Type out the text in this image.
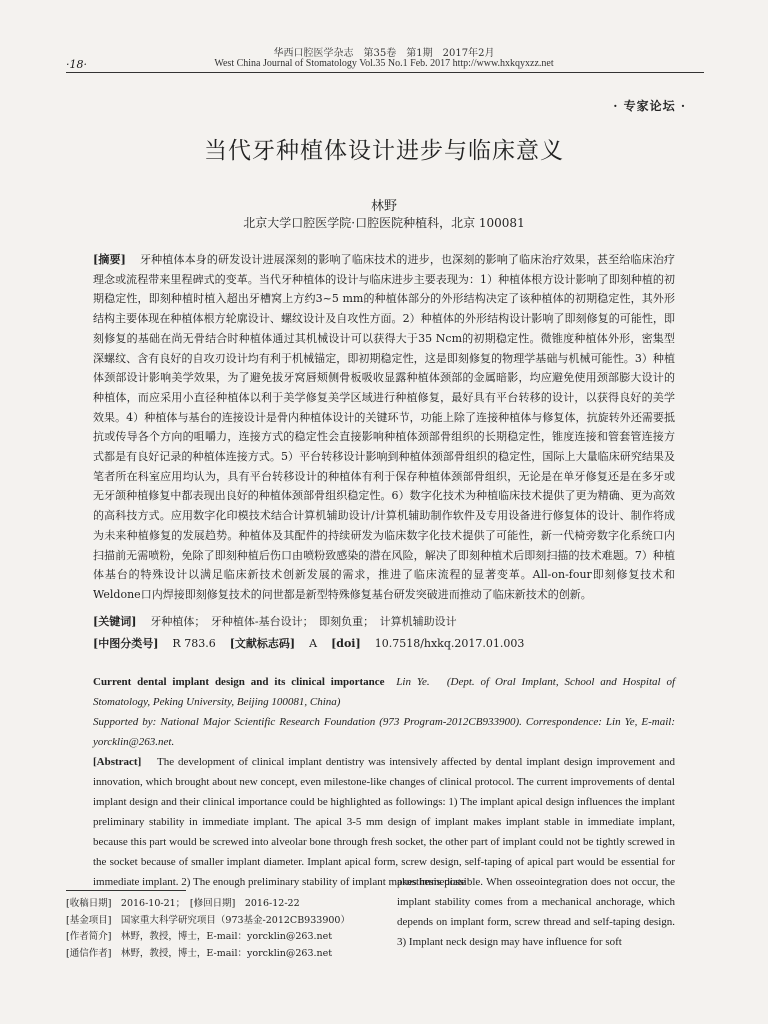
·18·
华西口腔医学杂志　第35卷　第1期　2017年2月
West China Journal of Stomatology Vol.35 No.1 Feb. 2017 http://www.hxkqyxzz.net
· 专家论坛 ·
当代牙种植体设计进步与临床意义
林野
北京大学口腔医学院·口腔医院种植科，北京 100081
[摘要] 牙种植体本身的研发设计进展深刻的影响了临床技术的进步，也深刻的影响了临床治疗效果，甚至给临床治疗理念或流程带来里程碑式的变革。当代牙种植体的设计与临床进步主要表现为：1）种植体根方设计影响了即刻种植的初期稳定性，即刻种植时植入超出牙槽窝上方约3~5 mm的种植体部分的外形结构决定了该种植体的初期稳定性，其外形结构主要体现在种植体根方轮廓设计、螺纹设计及自攻性方面。2）种植体的外形结构设计影响了即刻修复的可能性，即刻修复的基础在尚无骨结合时种植体通过其机械设计可以获得大于35 Ncm的初期稳定性。微锥度种植体外形，密集型深螺纹、含有良好的自攻刃设计均有利于机械锚定，即初期稳定性，这是即刻修复的物理学基础与机械可能性。3）种植体颈部设计影响美学效果，为了避免拔牙窝唇颊侧骨板吸收显露种植体颈部的金属暗影，均应避免使用颈部膨大设计的种植体，而应采用小直径种植体以利于美学修复美学区域进行种植修复，最好具有平台转移的设计，以获得良好的美学效果。4）种植体与基台的连接设计是骨内种植体设计的关键环节，功能上除了连接种植体与修复体，抗旋转外还需要抵抗或传导各个方向的咀嚼力，连接方式的稳定性会直接影响种植体颈部骨组织的长期稳定性，锥度连接和管套管连接方式都是有良好记录的种植体连接方式。5）平台转移设计影响到种植体颈部骨组织的稳定性，国际上大量临床研究结果及笔者所在科室应用均认为，具有平台转移设计的种植体有利于保存种植体颈部骨组织，无论是在单牙修复还是在多牙或无牙颌种植修复中都表现出良好的种植体颈部骨组织稳定性。6）数字化技术为种植临床技术提供了更为精确、更为高效的高科技方式。应用数字化印模技术结合计算机辅助设计/计算机辅助制作软件及专用设备进行修复体的设计、制作将成为未来种植修复的发展趋势。种植体及其配件的持续研发为临床数字化技术提供了可能性，新一代椅旁数字化系统口内扫描前无需喷粉，免除了即刻种植后伤口由喷粉致感染的潜在风险，解决了即刻种植术后即刻扫描的技术难题。7）种植体基台的特殊设计以满足临床新技术创新发展的需求，推进了临床流程的显著变革。All-on-four即刻修复技术和Weldone口内焊接即刻修复技术的问世都是新型特殊修复基台研发突破进而推动了临床新技术的创新。
[关键词] 牙种植体；　牙种植体-基台设计；　即刻负重；　计算机辅助设计
[中图分类号] R 783.6 [文献标志码] A [doi] 10.7518/hxkq.2017.01.003
Current dental implant design and its clinical importance Lin Ye.　(Dept. of Oral Implant, School and Hospital of Stomatology, Peking University, Beijing 100081, China)
Supported by: National Major Scientific Research Foundation (973 Program-2012CB933900). Correspondence: Lin Ye, E-mail: yorcklin@263.net.
[Abstract] The development of clinical implant dentistry was intensively affected by dental implant design improvement and innovation, which brought about new concept, even milestone-like changes of clinical protocol. The current improvements of dental implant design and their clinical importance could be highlighted as followings: 1) The implant apical design influences the implant preliminary stability in immediate implant. The apical 3-5 mm design of implant makes implant stable in immediate implant, because this part would be screwed into alveolar bone through fresh socket, the other part of implant could not be tightly screwed in the socket because of smaller implant diameter. Implant apical form, screw design, self-taping of apical part would be essential for immediate implant. 2) The enough preliminary stability of implant makes immediate
prosthesis possible. When osseointegration does not occur, the implant stability comes from a mechanical anchorage, which depends on implant form, screw thread and self-taping design. 3) Implant neck design may have influence for soft
[收稿日期]　2016-10-21；　[修回日期]　2016-12-22
[基金项目]　国家重大科学研究项目（973基金-2012CB933900）
[作者简介]　林野，教授，博士，E-mail：yorcklin@263.net
[通信作者]　林野，教授，博士，E-mail：yorcklin@263.net
